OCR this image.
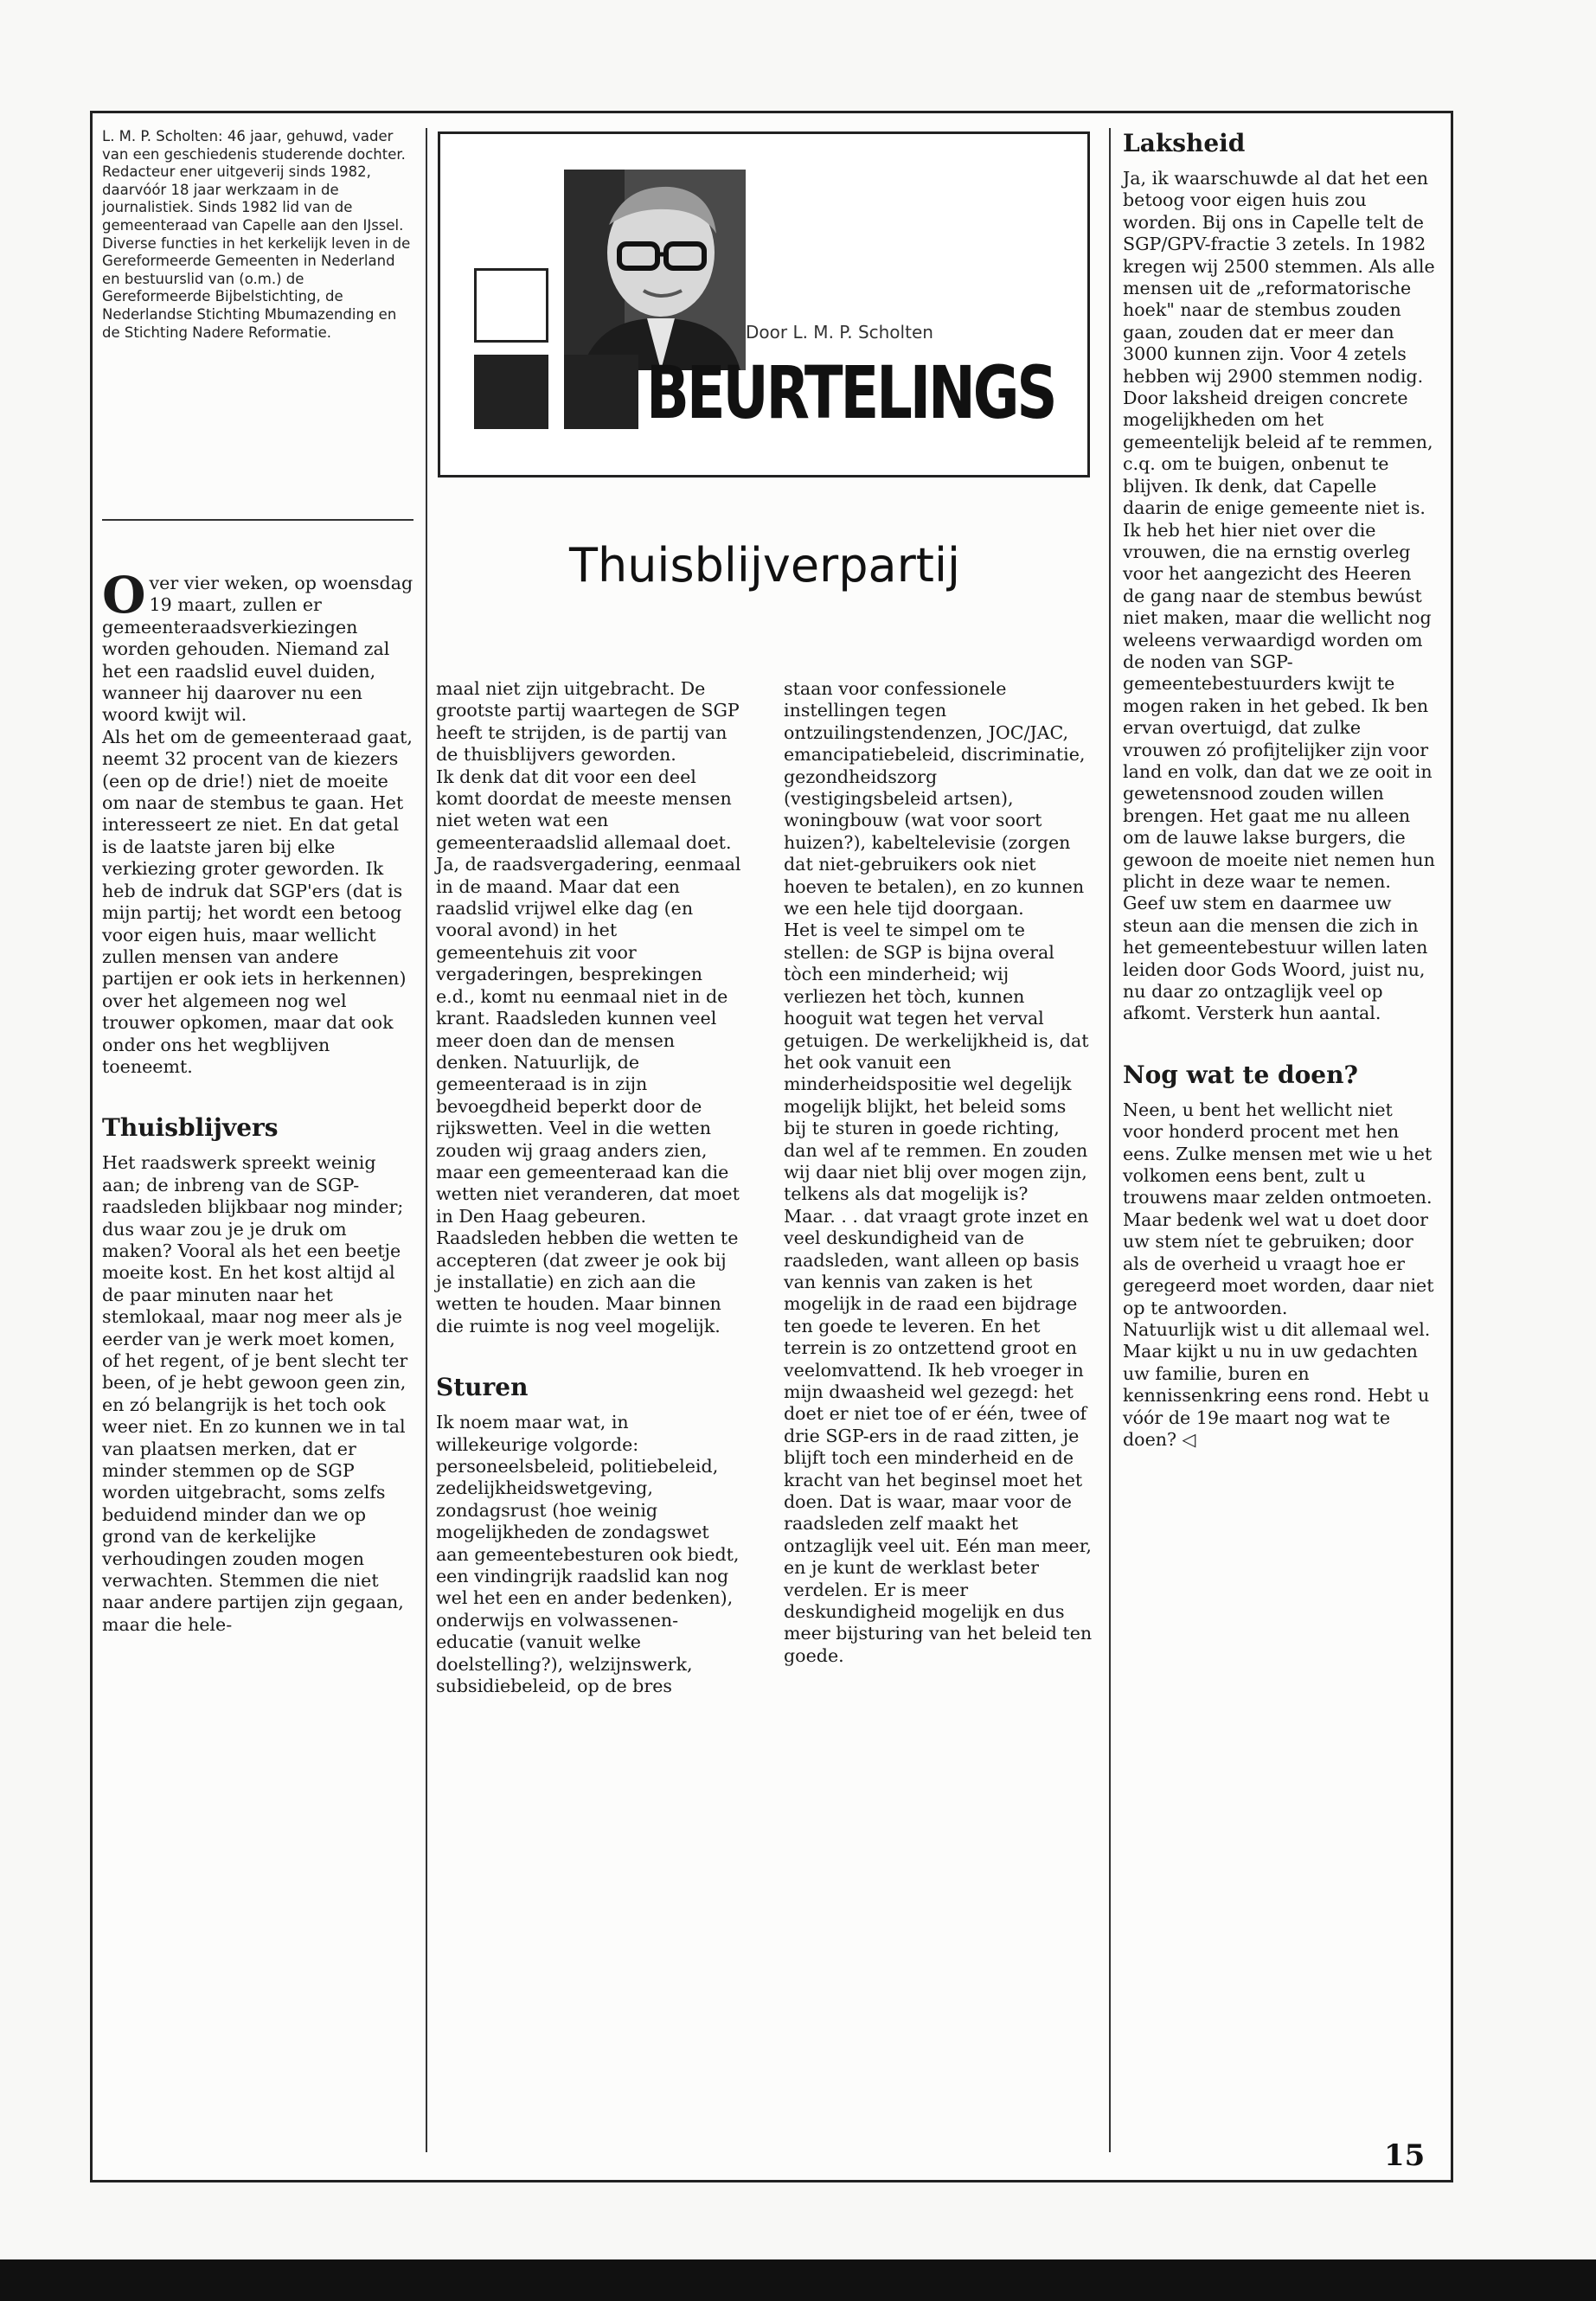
L. M. P. Scholten: 46 jaar, gehuwd, vader van een geschiedenis studerende dochter. Redacteur ener uitgeverij sinds 1982, daarvóór 18 jaar werkzaam in de journalistiek. Sinds 1982 lid van de gemeenteraad van Capelle aan den IJssel. Diverse functies in het kerkelijk leven in de Gereformeerde Gemeenten in Nederland en bestuurslid van (o.m.) de Gereformeerde Bijbelstichting, de Nederlandse Stichting Mbumazending en de Stichting Nadere Reformatie.	Door L. M. P. Scholten
BEURTELINGS
Thuisblijverpartij

Over vier weken, op woensdag 19 maart, zullen er gemeenteraadsverkiezingen worden gehouden. Niemand zal het een raadslid euvel duiden, wanneer hij daarover nu een woord kwijt wil.

Als het om de gemeenteraad gaat, neemt 32 procent van de kiezers (een op de drie!) niet de moeite om naar de stembus te gaan. Het interesseert ze niet. En dat getal is de laatste jaren bij elke verkiezing groter geworden. Ik heb de indruk dat SGP'ers (dat is mijn partij; het wordt een betoog voor eigen huis, maar wellicht zullen mensen van andere partijen er ook iets in herkennen) over het algemeen nog wel trouwer opkomen, maar dat ook onder ons het wegblijven toeneemt.

Thuisblijvers

Het raadswerk spreekt weinig aan; de inbreng van de SGP-raadsleden blijkbaar nog minder; dus waar zou je je druk om maken? Vooral als het een beetje moeite kost. En het kost altijd al de paar minuten naar het stemlokaal, maar nog meer als je eerder van je werk moet komen, of het regent, of je bent slecht ter been, of je hebt gewoon geen zin, en zó belangrijk is het toch ook weer niet. En zo kunnen we in tal van plaatsen merken, dat er minder stemmen op de SGP worden uitgebracht, soms zelfs beduidend minder dan we op grond van de kerkelijke verhoudingen zouden mogen verwachten. Stemmen die niet naar andere partijen zijn gegaan, maar die hele-

maal niet zijn uitgebracht. De grootste partij waartegen de SGP heeft te strijden, is de partij van de thuisblijvers geworden.

Ik denk dat dit voor een deel komt doordat de meeste mensen niet weten wat een gemeenteraadslid allemaal doet. Ja, de raadsvergadering, eenmaal in de maand. Maar dat een raadslid vrijwel elke dag (en vooral avond) in het gemeentehuis zit voor vergaderingen, besprekingen e.d., komt nu eenmaal niet in de krant. Raadsleden kunnen veel meer doen dan de mensen denken. Natuurlijk, de gemeenteraad is in zijn bevoegdheid beperkt door de rijkswetten. Veel in die wetten zouden wij graag anders zien, maar een gemeenteraad kan die wetten niet veranderen, dat moet in Den Haag gebeuren. Raadsleden hebben die wetten te accepteren (dat zweer je ook bij je installatie) en zich aan die wetten te houden. Maar binnen die ruimte is nog veel mogelijk.

Sturen

Ik noem maar wat, in willekeurige volgorde: personeelsbeleid, politiebeleid, zedelijkheidswetgeving, zondagsrust (hoe weinig mogelijkheden de zondagswet aan gemeentebesturen ook biedt, een vindingrijk raadslid kan nog wel het een en ander bedenken), onderwijs en volwassenen-educatie (vanuit welke doelstelling?), welzijnswerk, subsidiebeleid, op de bres

staan voor confessionele instellingen tegen ontzuilingstendenzen, JOC/JAC, emancipatiebeleid, discriminatie, gezondheidszorg (vestigingsbeleid artsen), woningbouw (wat voor soort huizen?), kabeltelevisie (zorgen dat niet-gebruikers ook niet hoeven te betalen), en zo kunnen we een hele tijd doorgaan.

Het is veel te simpel om te stellen: de SGP is bijna overal tòch een minderheid; wij verliezen het tòch, kunnen hooguit wat tegen het verval getuigen. De werkelijkheid is, dat het ook vanuit een minderheidspositie wel degelijk mogelijk blijkt, het beleid soms bij te sturen in goede richting, dan wel af te remmen. En zouden wij daar niet blij over mogen zijn, telkens als dat mogelijk is?

Maar. . . dat vraagt grote inzet en veel deskundigheid van de raadsleden, want alleen op basis van kennis van zaken is het mogelijk in de raad een bijdrage ten goede te leveren. En het terrein is zo ontzettend groot en veelomvattend. Ik heb vroeger in mijn dwaasheid wel gezegd: het doet er niet toe of er één, twee of drie SGP-ers in de raad zitten, je blijft toch een minderheid en de kracht van het beginsel moet het doen. Dat is waar, maar voor de raadsleden zelf maakt het ontzaglijk veel uit. Eén man meer, en je kunt de werklast beter verdelen. Er is meer deskundigheid mogelijk en dus meer bijsturing van het beleid ten goede.

Laksheid

Ja, ik waarschuwde al dat het een betoog voor eigen huis zou worden. Bij ons in Capelle telt de SGP/GPV-fractie 3 zetels. In 1982 kregen wij 2500 stemmen. Als alle mensen uit de „reformatorische hoek" naar de stembus zouden gaan, zouden dat er meer dan 3000 kunnen zijn. Voor 4 zetels hebben wij 2900 stemmen nodig. Door laksheid dreigen concrete mogelijkheden om het gemeentelijk beleid af te remmen, c.q. om te buigen, onbenut te blijven. Ik denk, dat Capelle daarin de enige gemeente niet is.

Ik heb het hier niet over die vrouwen, die na ernstig overleg voor het aangezicht des Heeren de gang naar de stembus bewúst niet maken, maar die wellicht nog weleens verwaardigd worden om de noden van SGP-gemeentebestuurders kwijt te mogen raken in het gebed. Ik ben ervan overtuigd, dat zulke vrouwen zó profijtelijker zijn voor land en volk, dan dat we ze ooit in gewetensnood zouden willen brengen. Het gaat me nu alleen om de lauwe lakse burgers, die gewoon de moeite niet nemen hun plicht in deze waar te nemen. Geef uw stem en daarmee uw steun aan die mensen die zich in het gemeentebestuur willen laten leiden door Gods Woord, juist nu, nu daar zo ontzaglijk veel op afkomt. Versterk hun aantal.

Nog wat te doen?

Neen, u bent het wellicht niet voor honderd procent met hen eens. Zulke mensen met wie u het volkomen eens bent, zult u trouwens maar zelden ontmoeten.

Maar bedenk wel wat u doet door uw stem níet te gebruiken; door als de overheid u vraagt hoe er geregeerd moet worden, daar niet op te antwoorden.

Natuurlijk wist u dit allemaal wel. Maar kijkt u nu in uw gedachten uw familie, buren en kennissenkring eens rond. Hebt u vóór de 19e maart nog wat te doen? ◁

15
